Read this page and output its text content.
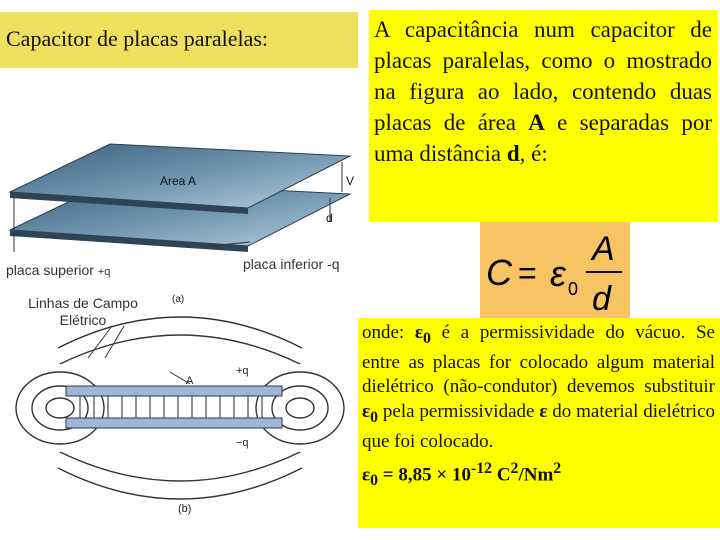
Capacitor de placas paralelas:	A capacitância num capacitor de placas paralelas, como o mostrado na figura ao lado, contendo duas placas de área A e separadas por uma distância d, é:

C = ε 0
A
d

onde: $\varepsilon_0$ é a permissividade do vácuo. Se entre as placas for colocado algum material dielétrico (não-condutor) devemos substituir $\varepsilon_0$ pela permissividade ε do material dielétrico que foi colocado.

$\varepsilon_0 = 8,85 \times 10^{-12}$ $C^2/Nm^2$

Area A	V
d
placa superior +q	placa inferior -q
Linhas de Campo
Elétrico
(a)
A
+q
−q
(b)
